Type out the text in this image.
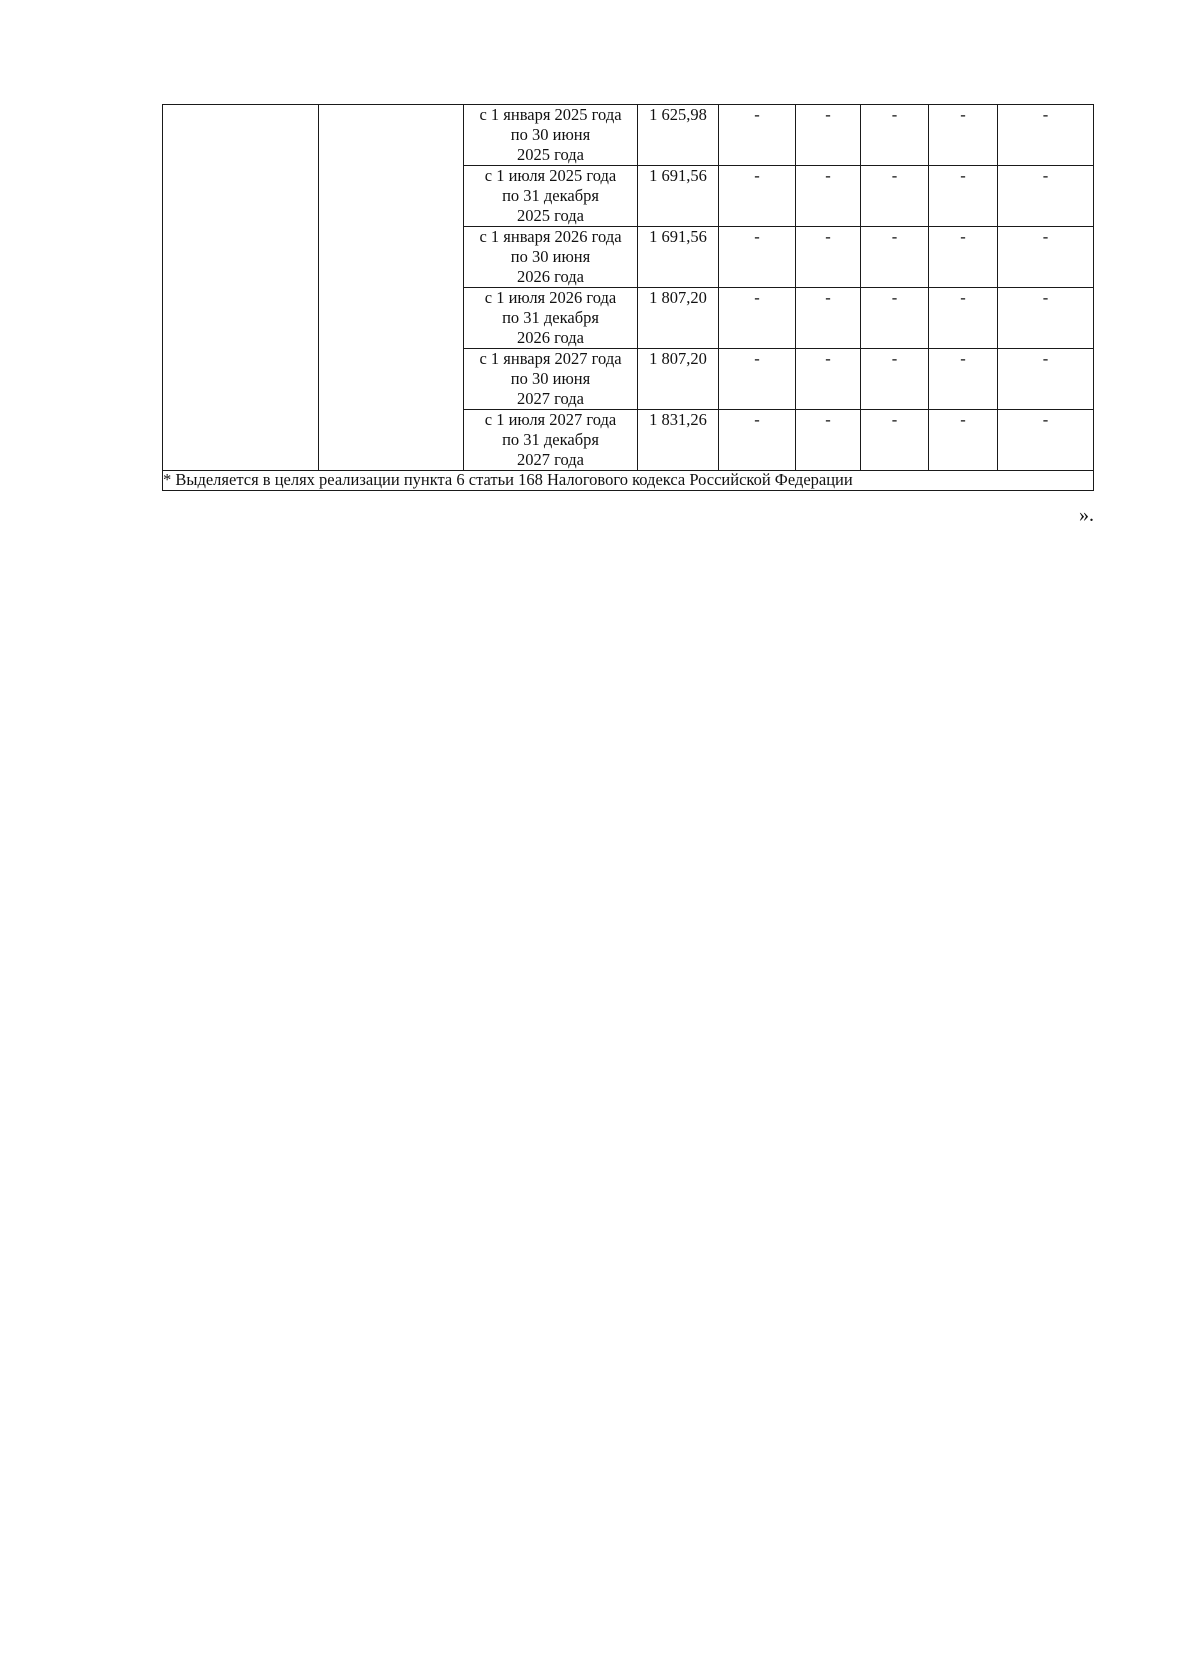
		с 1 января 2025 года
по 30 июня
2025 года	1 625,98	-	-	-	-	-

		с 1 июля 2025 года
по 31 декабря
2025 года	1 691,56	-	-	-	-	-

		с 1 января 2026 года
по 30 июня
2026 года	1 691,56	-	-	-	-	-

		с 1 июля 2026 года
по 31 декабря
2026 года	1 807,20	-	-	-	-	-

		с 1 января 2027 года
по 30 июня
2027 года	1 807,20	-	-	-	-	-

		с 1 июля 2027 года
по 31 декабря
2027 года	1 831,26	-	-	-	-	-
* Выделяется в целях реализации пункта 6 статьи 168 Налогового кодекса Российской Федерации								
».
